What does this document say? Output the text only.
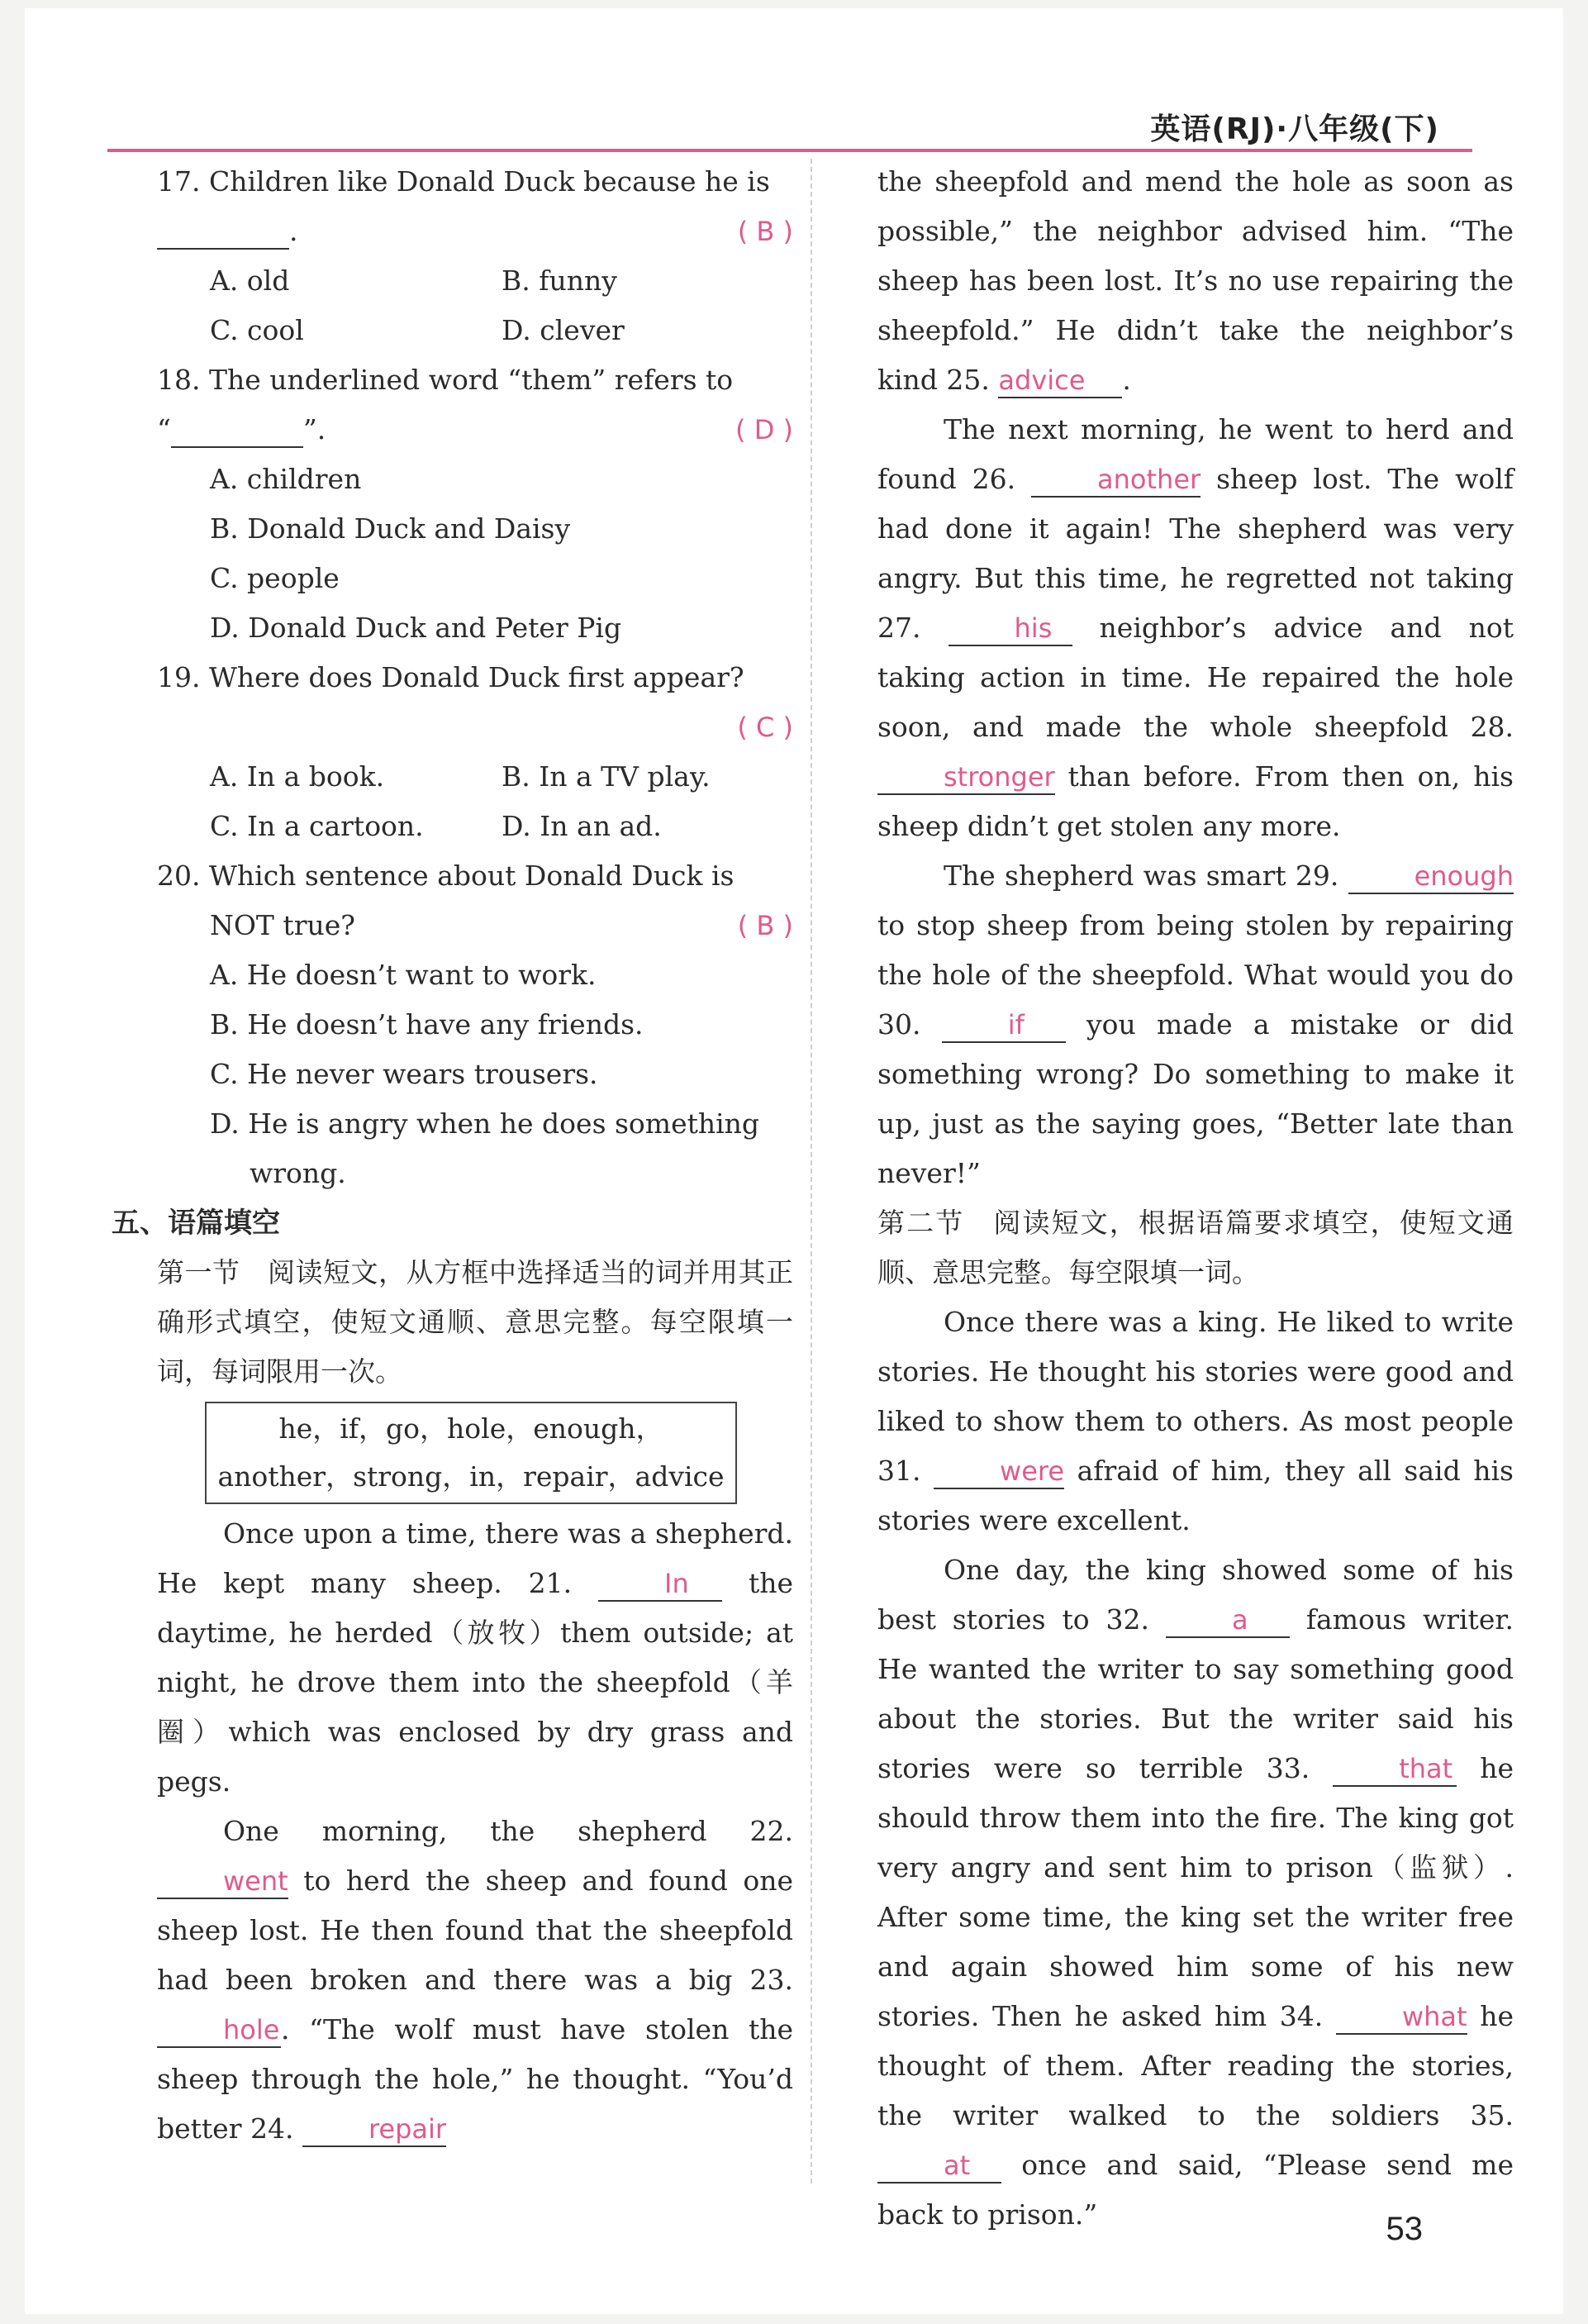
英语(RJ)·八年级(下)
17. Children like Donald Duck because he is
.	( B )
A. old	B. funny
C. cool	D. clever
18. The underlined word “them” refers to
“	”.	( D )
A. children
B. Donald Duck and Daisy
C. people
D. Donald Duck and Peter Pig
19. Where does Donald Duck first appear?
( C )
A. In a book.	B. In a TV play.
C. In a cartoon.	D. In an ad.
20. Which sentence about Donald Duck is
NOT true?	( B )
A. He doesn’t want to work.
B. He doesn’t have any friends.
C. He never wears trousers.
D. He is angry when he does something
wrong.
五、语篇填空
第一节　阅读短文，从方框中选择适当的词并用其正确形式填空，使短文通顺、意思完整。每空限填一词，每词限用一次。
he，if，go，hole，enough，
another，strong，in，repair，advice
Once upon a time, there was a shepherd. He kept many sheep. 21.	In the daytime, he herded（放牧）them outside; at night, he drove them into the sheepfold（羊圈）which was enclosed by dry grass and pegs.
One morning, the shepherd 22. went to herd the sheep and found one sheep lost. He then found that the sheepfold had been broken and there was a big 23. hole. “The wolf must have stolen the sheep through the hole,” he thought. “You’d better 24.	repair
the sheepfold and mend the hole as soon as possible,” the neighbor advised him. “The sheep has been lost. It’s no use repairing the sheepfold.” He didn’t take the neighbor’s kind 25. advice .
The next morning, he went to herd and found 26.	another sheep lost. The wolf had done it again! The shepherd was very angry. But this time, he regretted not taking 27.	his neighbor’s advice and not taking action in time. He repaired the hole soon, and made the whole sheepfold 28. stronger than before. From then on, his sheep didn’t get stolen any more.
The shepherd was smart 29.	enough to stop sheep from being stolen by repairing the hole of the sheepfold. What would you do 30.	if you made a mistake or did something wrong? Do something to make it up, just as the saying goes, “Better late than never!”
第二节　阅读短文，根据语篇要求填空，使短文通顺、意思完整。每空限填一词。
Once there was a king. He liked to write stories. He thought his stories were good and liked to show them to others. As most people 31.	were afraid of him, they all said his stories were excellent.
One day, the king showed some of his best stories to 32.	a famous writer. He wanted the writer to say something good about the stories. But the writer said his stories were so terrible 33.	that he should throw them into the fire. The king got very angry and sent him to prison（监狱）. After some time, the king set the writer free and again showed him some of his new stories. Then he asked him 34.	what he thought of them. After reading the stories, the writer walked to the soldiers 35. at once and said, “Please send me back to prison.”	53
